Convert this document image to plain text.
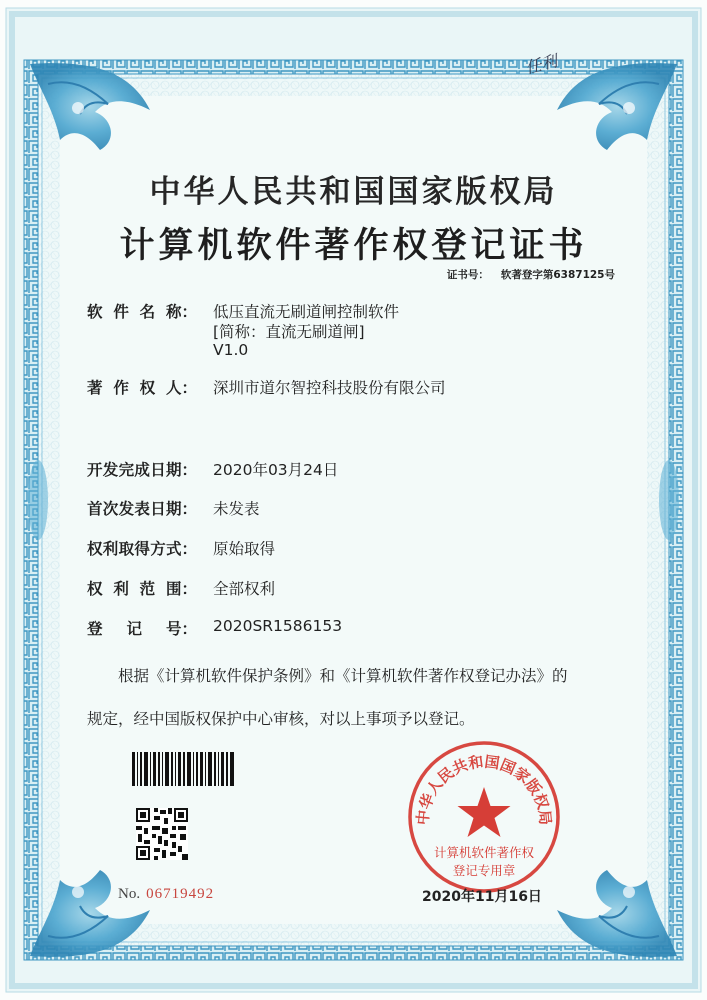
任利
中华人民共和国国家版权局
计算机软件著作权登记证书
证书号： 软著登字第6387125号
软 件 名 称： 低压直流无刷道闸控制软件
[简称：直流无刷道闸]
V1.0
著 作 权 人： 深圳市道尔智控科技股份有限公司
开 发 完 成 日 期： 2020年03月24日
首 次 发 表 日 期： 未发表
权 利 取 得 方 式： 原始取得
权 利 范 围： 全部权利
登 记 号： 2020SR1586153
根据《计算机软件保护条例》和《计算机软件著作权登记办法》的
规定，经中国版权保护中心审核，对以上事项予以登记。
No. 06719492
中华人民共和国国家版权局
计算机软件著作权
登记专用章
2020年11月16日
